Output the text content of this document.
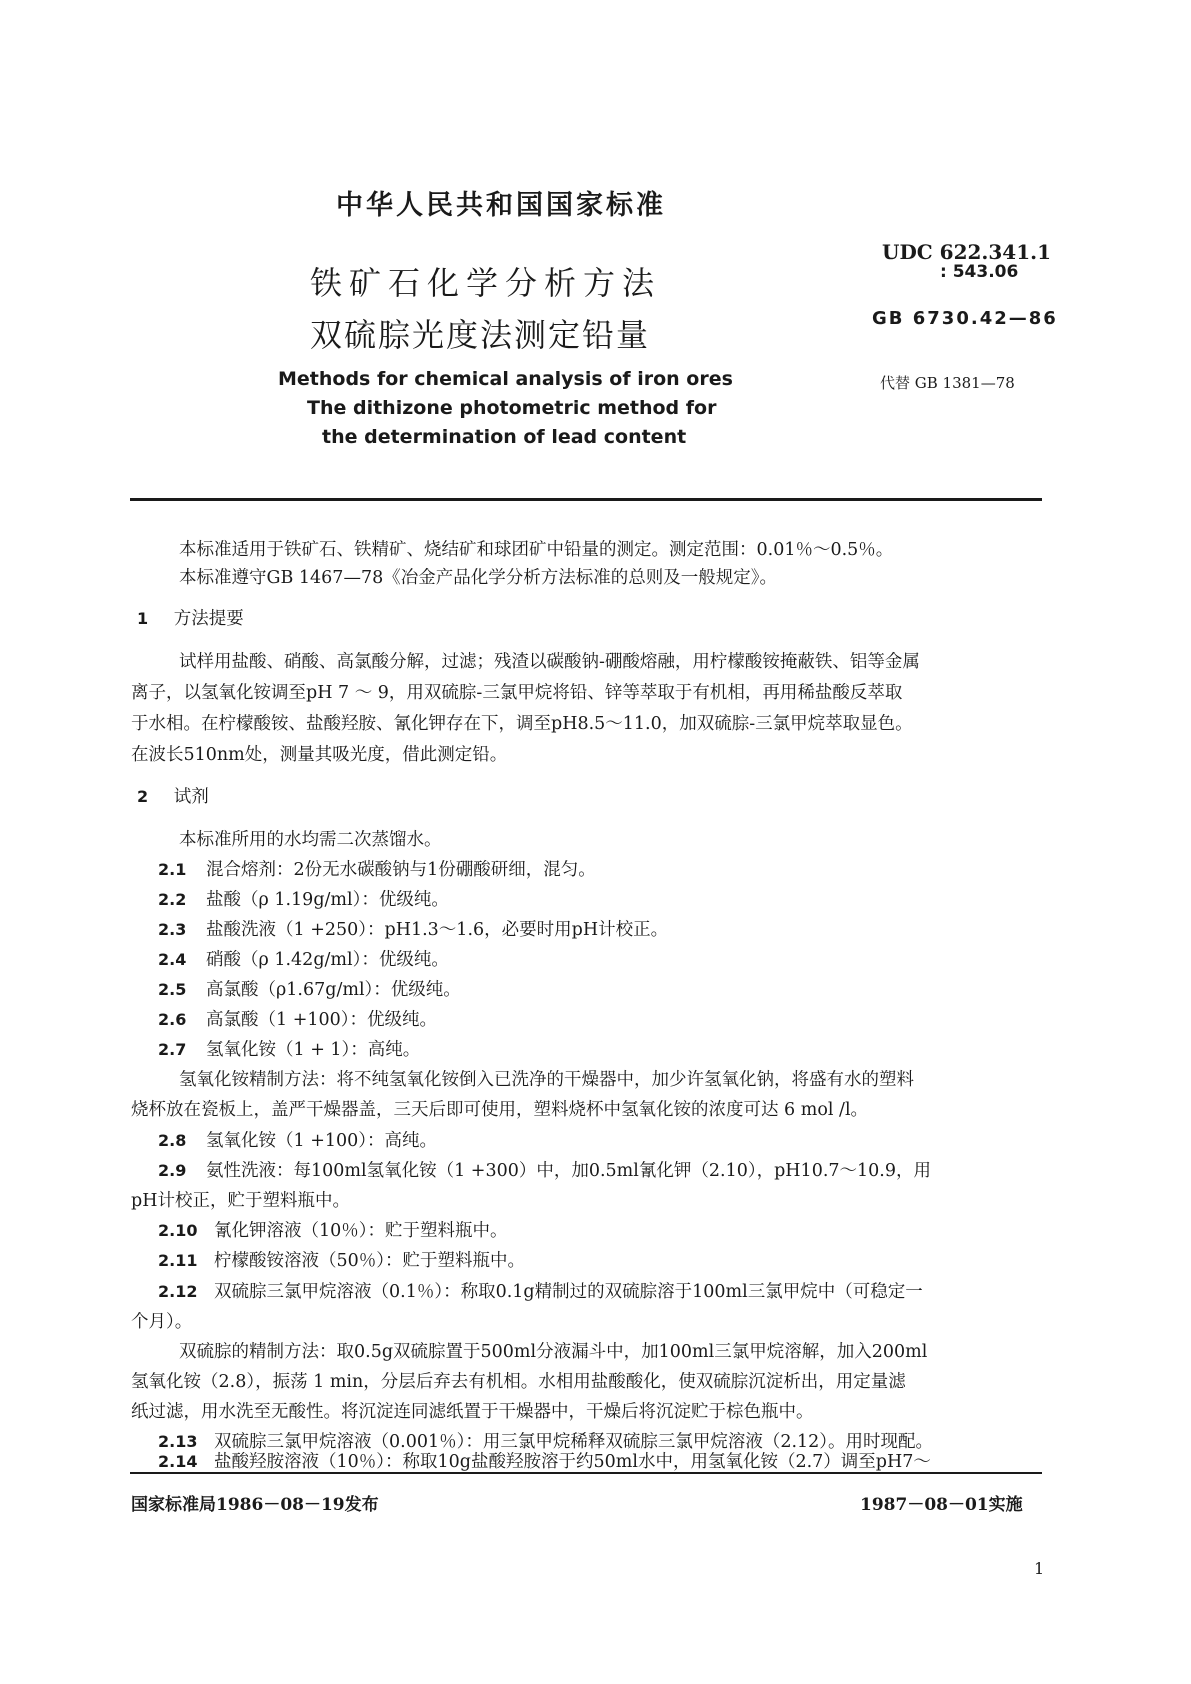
中华人民共和国国家标准
铁矿石化学分析方法
双硫腙光度法测定铅量
Methods for chemical analysis of iron ores
The dithizone photometric method for
the determination of lead content
UDC 622.341.1
: 543.06
GB 6730.42—86
代替 GB 1381—78
本标准适用于铁矿石、铁精矿、烧结矿和球团矿中铅量的测定。测定范围：0.01％～0.5％。
本标准遵守GB 1467—78《冶金产品化学分析方法标准的总则及一般规定》。
1 方法提要
试样用盐酸、硝酸、高氯酸分解，过滤；残渣以碳酸钠-硼酸熔融，用柠檬酸铵掩蔽铁、铝等金属
离子，以氢氧化铵调至pH 7 ～ 9，用双硫腙-三氯甲烷将铅、锌等萃取于有机相，再用稀盐酸反萃取
于水相。在柠檬酸铵、盐酸羟胺、氰化钾存在下，调至pH8.5～11.0，加双硫腙-三氯甲烷萃取显色。
在波长510nm处，测量其吸光度，借此测定铅。
2 试剂
本标准所用的水均需二次蒸馏水。
2.1 混合熔剂：2份无水碳酸钠与1份硼酸研细，混匀。
2.2 盐酸（ρ 1.19g/ml）：优级纯。
2.3 盐酸洗液（1 +250）：pH1.3～1.6，必要时用pH计校正。
2.4 硝酸（ρ 1.42g/ml）：优级纯。
2.5 高氯酸（ρ1.67g/ml）：优级纯。
2.6 高氯酸（1 +100）：优级纯。
2.7 氢氧化铵（1 + 1）：高纯。
氢氧化铵精制方法：将不纯氢氧化铵倒入已洗净的干燥器中，加少许氢氧化钠，将盛有水的塑料
烧杯放在瓷板上，盖严干燥器盖，三天后即可使用，塑料烧杯中氢氧化铵的浓度可达 6 mol /l。
2.8 氢氧化铵（1 +100）：高纯。
2.9 氨性洗液：每100ml氢氧化铵（1 +300）中，加0.5ml氰化钾（2.10），pH10.7～10.9，用
pH计校正，贮于塑料瓶中。
2.10 氰化钾溶液（10％）：贮于塑料瓶中。
2.11 柠檬酸铵溶液（50％）：贮于塑料瓶中。
2.12 双硫腙三氯甲烷溶液（0.1％）：称取0.1g精制过的双硫腙溶于100ml三氯甲烷中（可稳定一
个月）。
双硫腙的精制方法：取0.5g双硫腙置于500ml分液漏斗中，加100ml三氯甲烷溶解，加入200ml
氢氧化铵（2.8），振荡 1 min，分层后弃去有机相。水相用盐酸酸化，使双硫腙沉淀析出，用定量滤
纸过滤，用水洗至无酸性。将沉淀连同滤纸置于干燥器中，干燥后将沉淀贮于棕色瓶中。
2.13 双硫腙三氯甲烷溶液（0.001％）：用三氯甲烷稀释双硫腙三氯甲烷溶液（2.12）。用时现配。
2.14 盐酸羟胺溶液（10％）：称取10g盐酸羟胺溶于约50ml水中，用氢氧化铵（2.7）调至pH7～
国家标准局1986－08－19发布	1987－08－01实施
1
